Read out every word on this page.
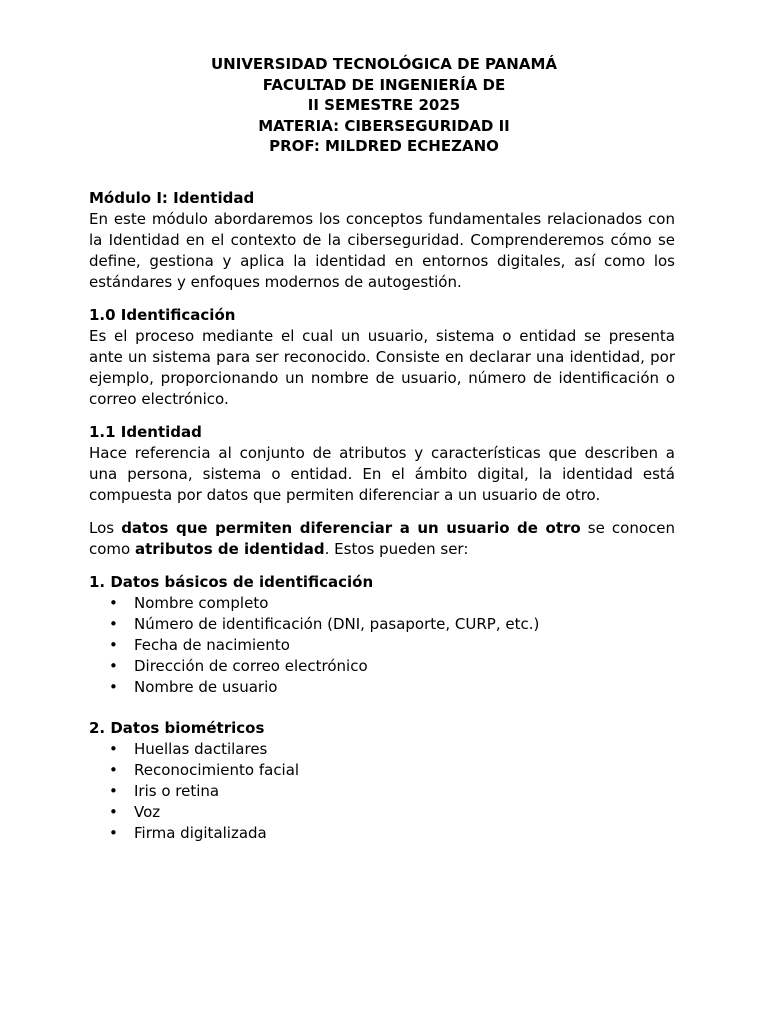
UNIVERSIDAD TECNOLÓGICA DE PANAMÁ
FACULTAD DE INGENIERÍA DE
II SEMESTRE 2025
MATERIA: CIBERSEGURIDAD II
PROF: MILDRED ECHEZANO
Módulo I: Identidad
En este módulo abordaremos los conceptos fundamentales relacionados con la Identidad en el contexto de la ciberseguridad. Comprenderemos cómo se define, gestiona y aplica la identidad en entornos digitales, así como los estándares y enfoques modernos de autogestión.
1.0 Identificación
Es el proceso mediante el cual un usuario, sistema o entidad se presenta ante un sistema para ser reconocido. Consiste en declarar una identidad, por ejemplo, proporcionando un nombre de usuario, número de identificación o correo electrónico.
1.1 Identidad
Hace referencia al conjunto de atributos y características que describen a una persona, sistema o entidad. En el ámbito digital, la identidad está compuesta por datos que permiten diferenciar a un usuario de otro.
Los datos que permiten diferenciar a un usuario de otro se conocen como atributos de identidad. Estos pueden ser:
1. Datos básicos de identificación
• Nombre completo
• Número de identificación (DNI, pasaporte, CURP, etc.)
• Fecha de nacimiento
• Dirección de correo electrónico
• Nombre de usuario
2. Datos biométricos
• Huellas dactilares
• Reconocimiento facial
• Iris o retina
• Voz
• Firma digitalizada
